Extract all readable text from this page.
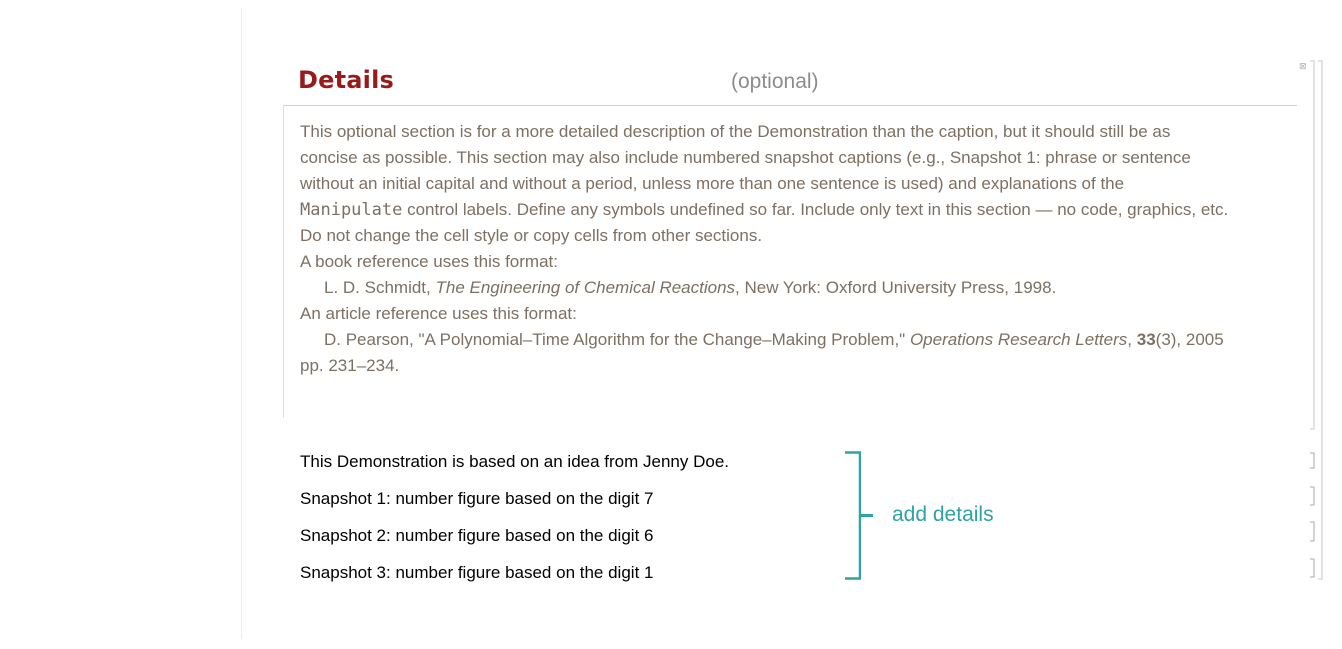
Details	(optional)

This optional section is for a more detailed description of the Demonstration than the caption, but it should still be as concise as possible. This section may also include numbered snapshot captions (e.g., Snapshot 1: phrase or sentence without an initial capital and without a period, unless more than one sentence is used) and explanations of the Manipulate control labels. Define any symbols undefined so far. Include only text in this section — no code, graphics, etc. Do not change the cell style or copy cells from other sections.

A book reference uses this format:

L. D. Schmidt, The Engineering of Chemical Reactions, New York: Oxford University Press, 1998.

An article reference uses this format:

D. Pearson, "A Polynomial–Time Algorithm for the Change–Making Problem," Operations Research Letters, 33(3), 2005 pp. 231–234.

This Demonstration is based on an idea from Jenny Doe.
Snapshot 1: number figure based on the digit 7
Snapshot 2: number figure based on the digit 6
Snapshot 3: number figure based on the digit 1
add details
⊠
